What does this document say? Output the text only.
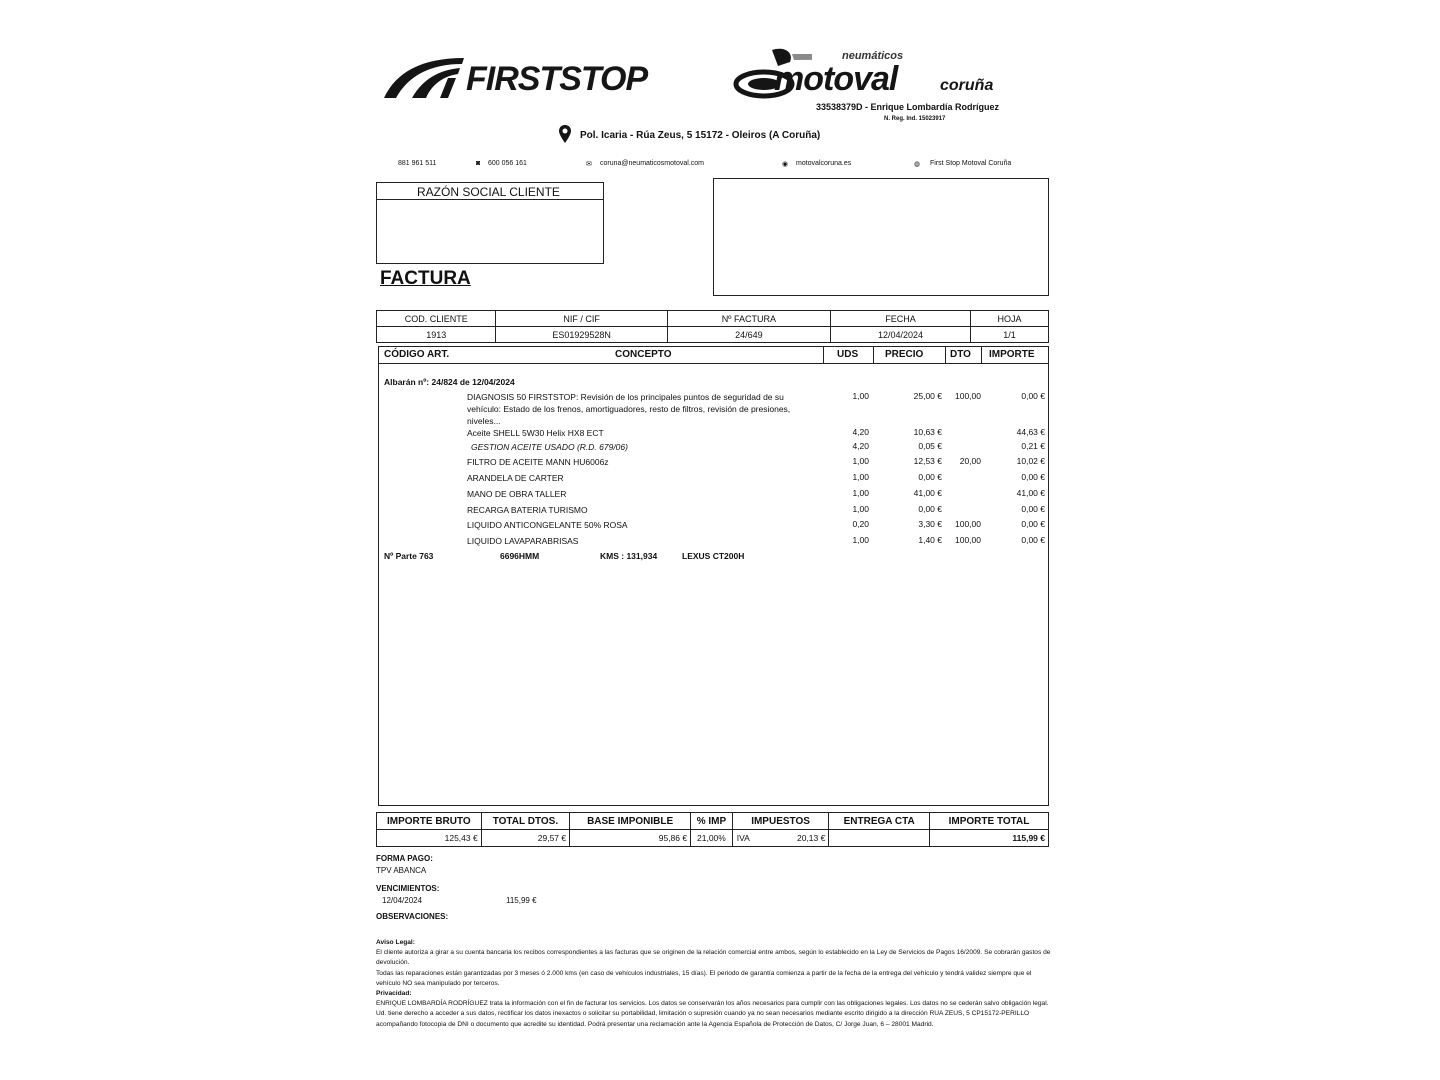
FIRSTSTOP
neumáticos
motoval	coruña
33538379D - Enrique Lombardía Rodríguez
N. Reg. Ind. 15023917
Pol. Icaria - Rúa Zeus, 5 15172 - Oleiros (A Coruña)
881 961 511	◙ 600 056 161	✉ coruna@neumaticosmotoval.com	◉ motovalcoruna.es	◍ First Stop Motoval Coruña
RAZÓN SOCIAL CLIENTE
FACTURA
COD. CLIENTE	NIF / CIF	Nº FACTURA	FECHA	HOJA
1913	ES01929528N	24/649	12/04/2024	1/1
CÓDIGO ART.	CONCEPTO	UDS	PRECIO	DTO IMPORTE
Albarán nº: 24/824 de 12/04/2024
DIAGNOSIS 50 FIRSTSTOP: Revisión de los principales puntos de seguridad de su vehículo: Estado de los frenos, amortiguadores, resto de filtros, revisión de presiones, niveles...
1,00	25,00 €	100,00	0,00 €
Aceite SHELL 5W30 Helix HX8 ECT	4,20	10,63 €	44,63 €
GESTION ACEITE USADO (R.D. 679/06)	4,20	0,05 €	0,21 €
FILTRO DE ACEITE MANN HU6006z	1,00	12,53 €	20,00	10,02 €
ARANDELA DE CARTER	1,00	0,00 €	0,00 €
MANO DE OBRA TALLER	1,00	41,00 €	41,00 €
RECARGA BATERIA TURISMO	1,00	0,00 €	0,00 €
LIQUIDO ANTICONGELANTE 50% ROSA	0,20	3,30 €	100,00	0,00 €
LIQUIDO LAVAPARABRISAS	1,00	1,40 €	100,00	0,00 €
Nº Parte 763	6696HMM	KMS : 131,934	LEXUS CT200H
IMPORTE BRUTO	TOTAL DTOS.	BASE IMPONIBLE	% IMP	IMPUESTOS	ENTREGA CTA	IMPORTE TOTAL
125,43 €	29,57 €	95,86 €	21,00%	IVA 20,13 €		115,99 €
FORMA PAGO:
TPV ABANCA
VENCIMIENTOS:
12/04/2024	115,99 €
OBSERVACIONES:

Aviso Legal:

El cliente autoriza a girar a su cuenta bancaria los recibos correspondientes a las facturas que se originen de la relación comercial entre ambos, según lo establecido en la Ley de Servicios de Pagos 16/2009. Se cobrarán gastos de devolución.

Todas las reparaciones están garantizadas por 3 meses ó 2.000 kms (en caso de vehículos industriales, 15 días). El periodo de garantía comienza a partir de la fecha de la entrega del vehículo y tendrá validez siempre que el vehículo NO sea manipulado por terceros.

Privacidad:

ENRIQUE LOMBARDÍA RODRÍGUEZ trata la información con el fin de facturar los servicios. Los datos se conservarán los años necesarios para cumplir con las obligaciones legales. Los datos no se cederán salvo obligación legal. Ud. tiene derecho a acceder a sus datos, rectificar los datos inexactos o solicitar su portabilidad, limitación o supresión cuando ya no sean necesarios mediante escrito dirigido a la dirección RUA ZEUS, 5 CP15172-PERILLO acompañando fotocopia de DNI o documento que acredite su identidad. Podrá presentar una reclamación ante la Agencia Española de Protección de Datos, C/ Jorge Juan, 6 – 28001 Madrid.
